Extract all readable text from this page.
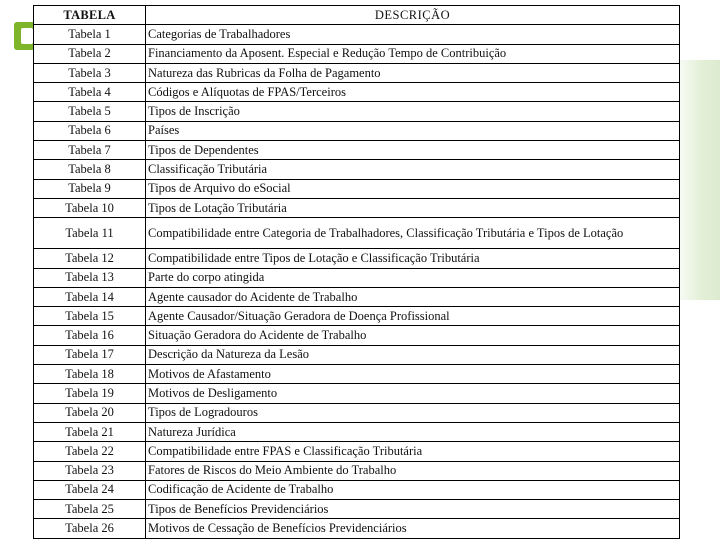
TABELA	DESCRIÇÃO
Tabela 1	Categorias de Trabalhadores
Tabela 2	Financiamento da Aposent. Especial e Redução Tempo de Contribuição
Tabela 3	Natureza das Rubricas da Folha de Pagamento
Tabela 4	Códigos e Alíquotas de FPAS/Terceiros
Tabela 5	Tipos de Inscrição
Tabela 6	Países
Tabela 7	Tipos de Dependentes
Tabela 8	Classificação Tributária
Tabela 9	Tipos de Arquivo do eSocial
Tabela 10	Tipos de Lotação Tributária
Tabela 11	Compatibilidade entre Categoria de Trabalhadores, Classificação Tributária e Tipos de Lotação
Tabela 12	Compatibilidade entre Tipos de Lotação e Classificação Tributária
Tabela 13	Parte do corpo atingida
Tabela 14	Agente causador do Acidente de Trabalho
Tabela 15	Agente Causador/Situação Geradora de Doença Profissional
Tabela 16	Situação Geradora do Acidente de Trabalho
Tabela 17	Descrição da Natureza da Lesão
Tabela 18	Motivos de Afastamento
Tabela 19	Motivos de Desligamento
Tabela 20	Tipos de Logradouros
Tabela 21	Natureza Jurídica
Tabela 22	Compatibilidade entre FPAS e Classificação Tributária
Tabela 23	Fatores de Riscos do Meio Ambiente do Trabalho
Tabela 24	Codificação de Acidente de Trabalho
Tabela 25	Tipos de Benefícios Previdenciários
Tabela 26	Motivos de Cessação de Benefícios Previdenciários
